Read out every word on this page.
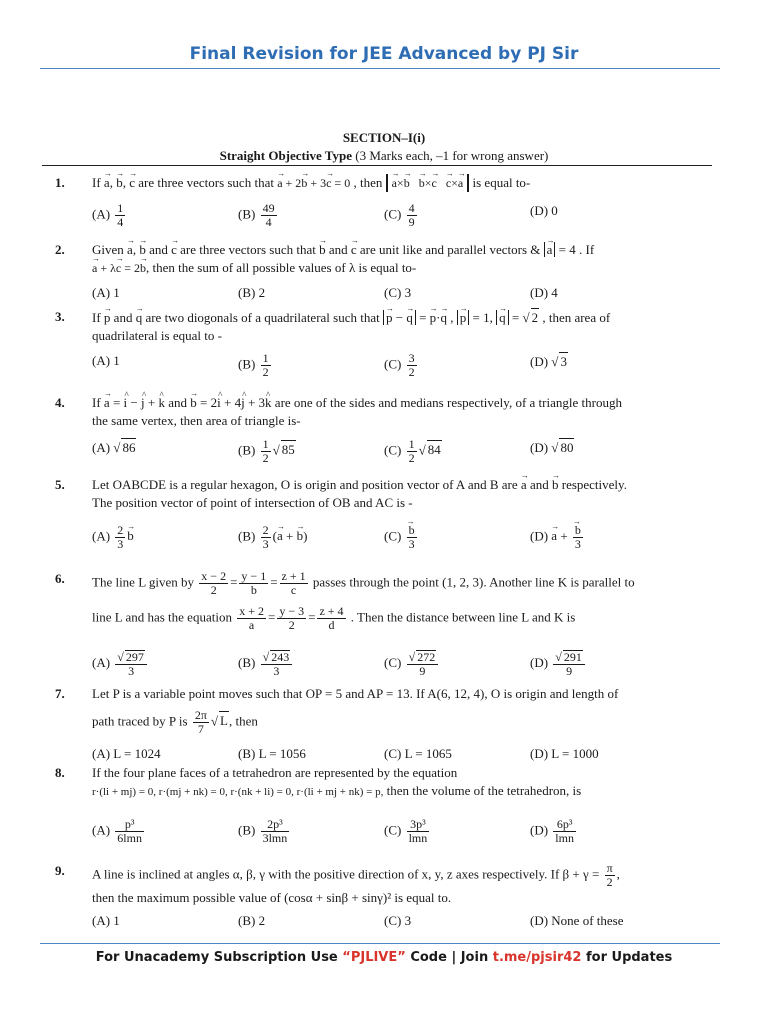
Final Revision for JEE Advanced by PJ Sir
SECTION–I(i)
Straight Objective Type (3 Marks each, –1 for wrong answer)
1.	If → a, → b, → c are three vectors such that → a + 2→ b + 3→ c = 0 , then → a×→ b   → b×→ c   → c×→ a is equal to-
$(A) \frac{1}{4}$	$(B) \frac{49}{4}$	$(C) \frac{4}{9}$	(D) 0
2.	Given → a, → b and → c are three vectors such that → b and → c are unit like and parallel vectors & → a = 4 . If
→ a + λ→ c = 2→ b, then the sum of all possible values of λ is equal to-
(A) 1	(B) 2	(C) 3	(D) 4
3.	If → p and → q are two diogonals of a quadrilateral such that → p − → q = → p·→ q , → p = 1, → q = √ 2 , then area of
quadrilateral is equal to -
(A) 1	$(B) \frac{1}{2}$	$(C) \frac{3}{2}$	(D) √ 3
4.	If → a = ^ i − ^ j + ^ k and → b = 2^ i + 4^ j + 3^ k are one of the sides and medians respectively, of a triangle through
the same vertex, then area of triangle is-
(A) √ 86	$(B) \frac{1}{2}$ √ 85	$(C) \frac{1}{2}$ √ 84	(D) √ 80
5.	Let OABCDE is a regular hexagon, O is origin and position vector of A and B are → a and → b respectively.
The position vector of point of intersection of OB and AC is -
$(A) \frac{2}{3}$
→ b	$(B) \frac{2}{3}$ (→ a + → b)	(C)
→ $\frac{b}{3}$	(D) → a +
→ $\frac{b}{3}$
6.	The line L given by $\frac{x - 2}{2} = \frac{y - 1}{b} = \frac{z + 1}{c}$ passes through the point (1, 2, 3). Another line K is parallel to
line L and has the equation $\frac{x + 2}{a} = \frac{y - 3}{2} = \frac{z + 4}{d}$ . Then the distance between line L and K is
$(A) \frac{√ 297}{3}$	$(B) \frac{√ 243}{3}$	$(C) \frac{√ 272}{9}$	$(D) \frac{√ 291}{9}$
7.	Let P is a variable point moves such that OP = 5 and AP = 13. If A(6, 12, 4), O is origin and length of
path traced by P is $\frac{2\pi}{7}$ √ L, then
(A) L = 1024	(B) L = 1056	(C) L = 1065	(D) L = 1000
8.	If the four plane faces of a tetrahedron are represented by the equation
r·(li + mj) = 0, r·(mj + nk) = 0, r·(nk + li) = 0, r·(li + mj + nk) = p, then the volume of the tetrahedron, is
$(A) \frac{\text{p³}}{\text{6lmn}}$	$(B) \frac{\text{2p³}}{\text{3lmn}}$	$(C) \frac{\text{3p³}}{\text{lmn}}$	$(D) \frac{\text{6p³}}{\text{lmn}}$
9.	A line is inclined at angles α, β, γ with the positive direction of x, y, z axes respectively. If $\beta + \gamma = \frac{\pi}{2}$ ,
then the maximum possible value of (cosα + sinβ + sinγ)² is equal to.
(A) 1	(B) 2	(C) 3	(D) None of these
For Unacademy Subscription Use “PJLIVE” Code | Join t.me/pjsir42 for Updates
